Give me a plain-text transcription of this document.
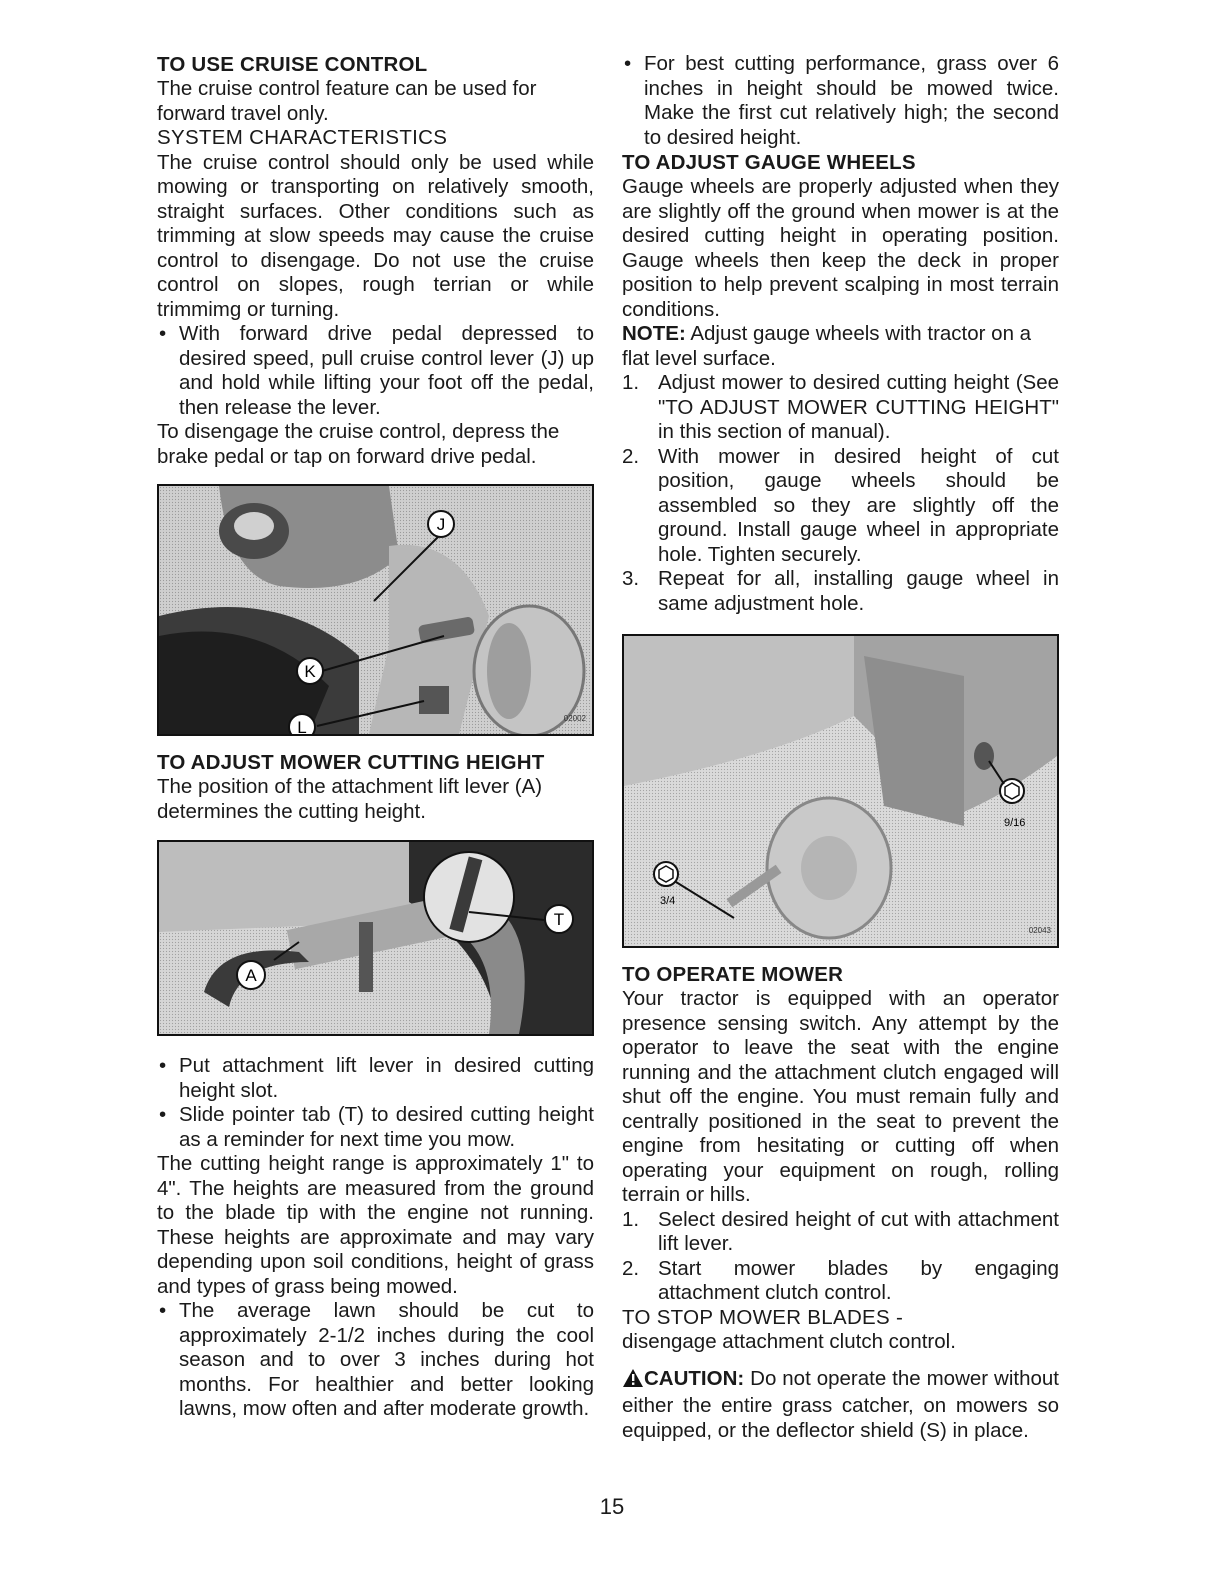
TO USE CRUISE CONTROL

The cruise control feature can be used for forward travel only.

SYSTEM CHARACTERISTICS

The cruise control should only be used while mowing or transporting on relatively smooth, straight surfaces. Other conditions such as trimming at slow speeds may cause the cruise control to disengage. Do not use the cruise control on slopes, rough terrian or while trimmimg or turning.

• With forward drive pedal depressed to desired speed, pull cruise control lever (J) up and hold while lifting your foot off the pedal, then release the lever.

To disengage the cruise control, depress the brake pedal or tap on forward drive pedal.

J
K
L	02002
TO ADJUST MOWER CUTTING HEIGHT

The position of the attachment lift lever (A) determines the cutting height.

T
A

• Put attachment lift lever in desired cutting height slot.

• Slide pointer tab (T) to desired cutting height as a reminder for next time you mow.

The cutting height range is approximately 1" to 4". The heights are measured from the ground to the blade tip with the engine not running. These heights are approximate and may vary depending upon soil conditions, height of grass and types of grass being mowed.

• The average lawn should be cut to approximately 2-1/2 inches during the cool season and to over 3 inches during hot months. For healthier and better looking lawns, mow often and after moderate growth.

• For best cutting performance, grass over 6 inches in height should be mowed twice. Make the first cut relatively high; the second to desired height.

TO ADJUST GAUGE WHEELS

Gauge wheels are properly adjusted when they are slightly off the ground when mower is at the desired cutting height in operating position. Gauge wheels then keep the deck in proper position to help prevent scalping in most terrain conditions.

NOTE: Adjust gauge wheels with tractor on a flat level surface.

1. Adjust mower to desired cutting height (See "TO ADJUST MOWER CUTTING HEIGHT" in this section of manual).

2. With mower in desired height of cut position, gauge wheels should be assembled so they are slightly off the ground. Install gauge wheel in appropriate hole. Tighten securely.

3. Repeat for all, installing gauge wheel in same adjustment hole.

9/16
3/4
02043
TO OPERATE MOWER

Your tractor is equipped with an operator presence sensing switch. Any attempt by the operator to leave the seat with the engine running and the attachment clutch engaged will shut off the engine. You must remain fully and centrally positioned in the seat to prevent the engine from hesitating or cutting off when operating your equipment on rough, rolling terrain or hills.

1. Select desired height of cut with attachment lift lever.

2. Start mower blades by engaging attachment clutch control.

TO STOP MOWER BLADES -

disengage attachment clutch control.

CAUTION: Do not operate the mower without either the entire grass catcher, on mowers so equipped, or the deflector shield (S) in place.

15
